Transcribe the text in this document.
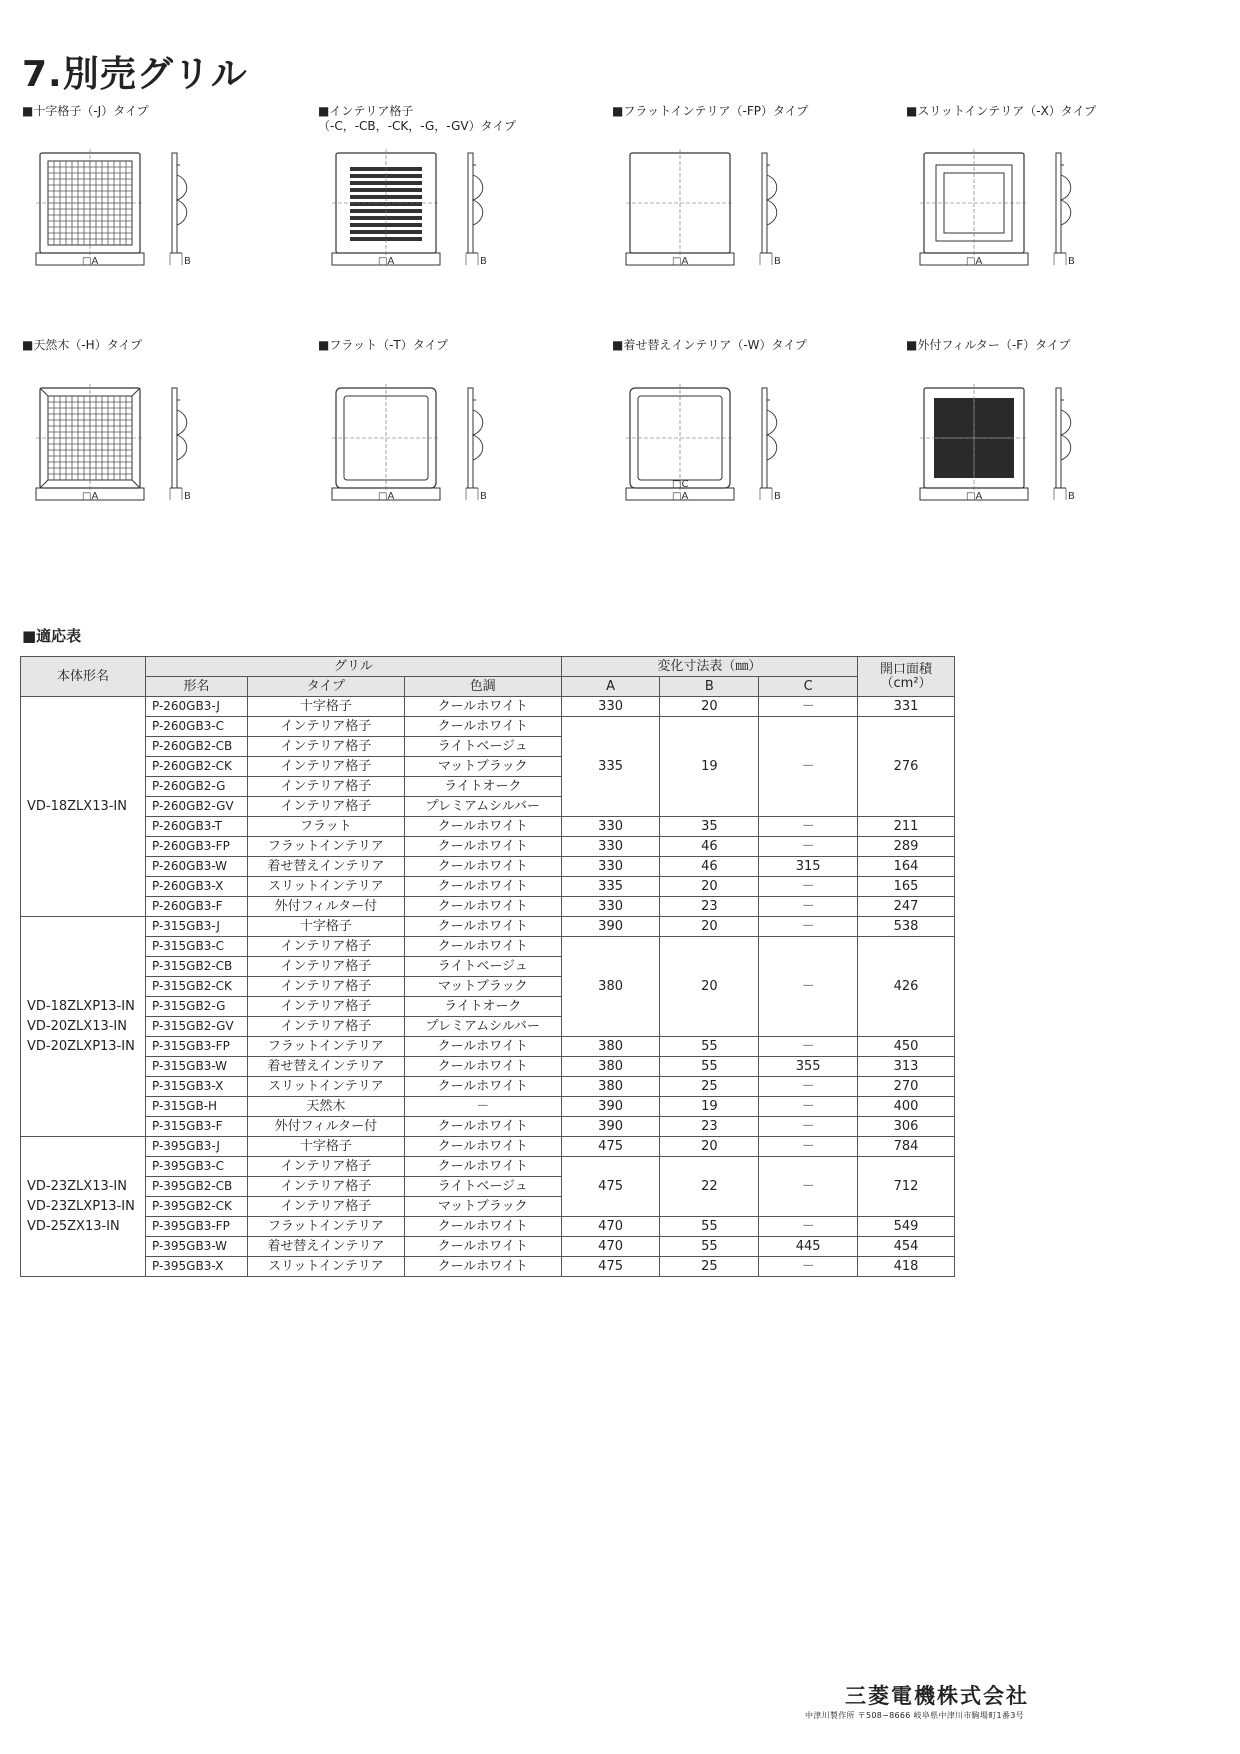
7.別売グリル
■十字格子（-J）タイプ	■インテリア格子
（-C，-CB，-CK，-G，-GV）タイプ
■フラットインテリア（-FP）タイプ	■スリットインテリア（-X）タイプ
■天然木（-H）タイプ	■フラット（-T）タイプ	■着せ替えインテリア（-W）タイプ	■外付フィルター（-F）タイプ
□A	B	□A	B	□A	B	□A	B
□A	B	□A	B	□A
□C
B	□A	B
■適応表
本体形名	グリル			変化寸法表（㎜）			開口面積
（cm²）
	形名	タイプ	色調	A	B	C	

VD-18ZLX13-IN	P-260GB3-J	十字格子	クールホワイト	330	20	－	331
	P-260GB3-C	インテリア格子	クールホワイト	335	19	－	276
	P-260GB2-CB	インテリア格子	ライトベージュ				
	P-260GB2-CK	インテリア格子	マットブラック				
	P-260GB2-G	インテリア格子	ライトオーク				
	P-260GB2-GV	インテリア格子	プレミアムシルバー				
	P-260GB3-T	フラット	クールホワイト	330	35	－	211
	P-260GB3-FP	フラットインテリア	クールホワイト	330	46	－	289
	P-260GB3-W	着せ替えインテリア	クールホワイト	330	46	315	164
	P-260GB3-X	スリットインテリア	クールホワイト	335	20	－	165
	P-260GB3-F	外付フィルター付	クールホワイト	330	23	－	247

VD-18ZLXP13-IN
VD-20ZLX13-IN
VD-20ZLXP13-IN	P-315GB3-J	十字格子	クールホワイト	390	20	－	538
	P-315GB3-C	インテリア格子	クールホワイト	380	20	－	426
	P-315GB2-CB	インテリア格子	ライトベージュ				
	P-315GB2-CK	インテリア格子	マットブラック				
	P-315GB2-G	インテリア格子	ライトオーク				
	P-315GB2-GV	インテリア格子	プレミアムシルバー				
	P-315GB3-FP	フラットインテリア	クールホワイト	380	55	－	450
	P-315GB3-W	着せ替えインテリア	クールホワイト	380	55	355	313
	P-315GB3-X	スリットインテリア	クールホワイト	380	25	－	270
	P-315GB-H	天然木	－	390	19	－	400
	P-315GB3-F	外付フィルター付	クールホワイト	390	23	－	306

VD-23ZLX13-IN
VD-23ZLXP13-IN
VD-25ZX13-IN	P-395GB3-J	十字格子	クールホワイト	475	20	－	784
	P-395GB3-C	インテリア格子	クールホワイト	475	22	－	712
	P-395GB2-CB	インテリア格子	ライトベージュ				
	P-395GB2-CK	インテリア格子	マットブラック				
	P-395GB3-FP	フラットインテリア	クールホワイト	470	55	－	549
	P-395GB3-W	着せ替えインテリア	クールホワイト	470	55	445	454
	P-395GB3-X	スリットインテリア	クールホワイト	475	25	－	418
三菱電機株式会社
中津川製作所 〒508−8666 岐阜県中津川市駒場町1番3号
